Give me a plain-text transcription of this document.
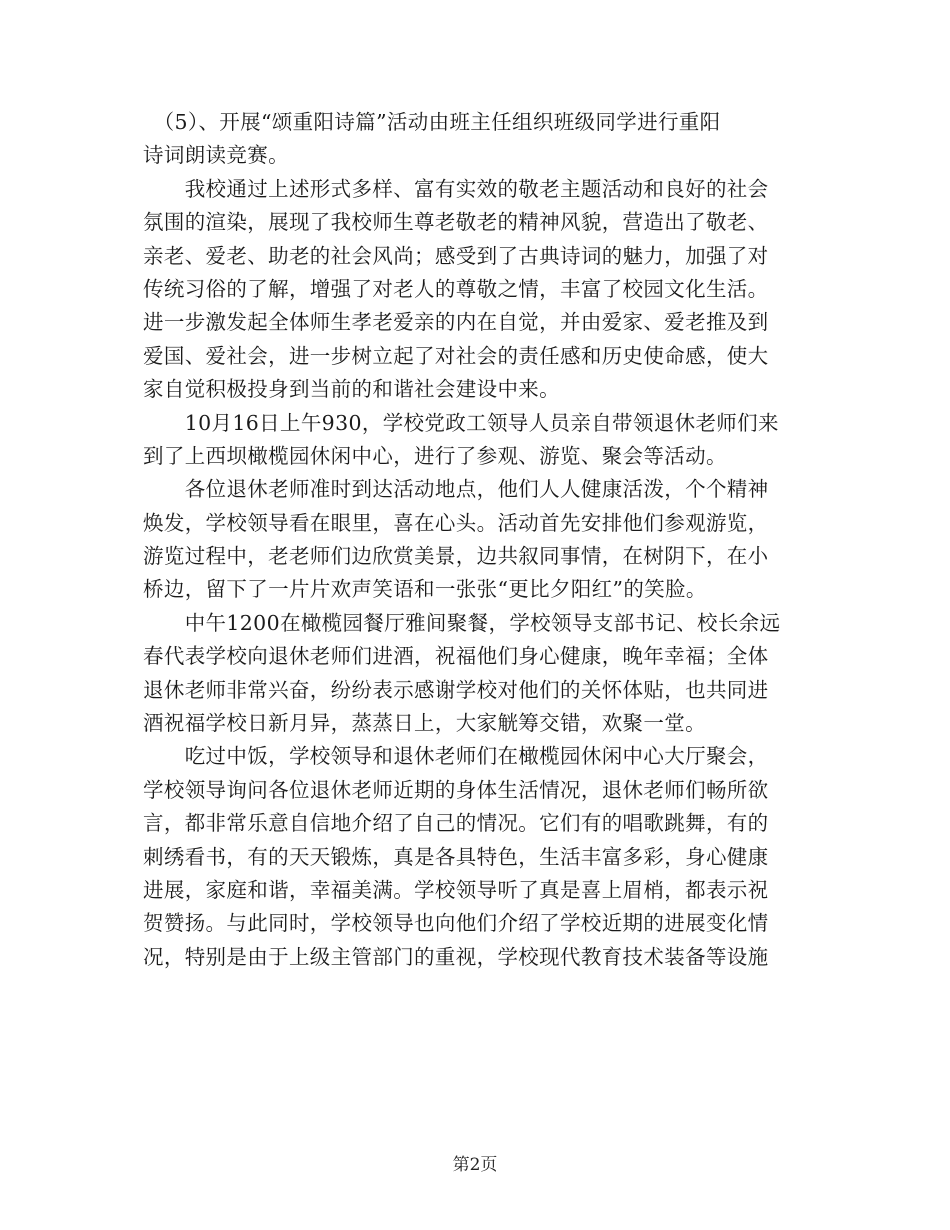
　（5）、开展“颂重阳诗篇”活动由班主任组织班级同学进行重阳
诗词朗读竞赛。
　　我校通过上述形式多样、富有实效的敬老主题活动和良好的社会
氛围的渲染，展现了我校师生尊老敬老的精神风貌，营造出了敬老、
亲老、爱老、助老的社会风尚；感受到了古典诗词的魅力，加强了对
传统习俗的了解，增强了对老人的尊敬之情，丰富了校园文化生活。
进一步激发起全体师生孝老爱亲的内在自觉，并由爱家、爱老推及到
爱国、爱社会，进一步树立起了对社会的责任感和历史使命感，使大
家自觉积极投身到当前的和谐社会建设中来。
　　10月16日上午930，学校党政工领导人员亲自带领退休老师们来
到了上西坝橄榄园休闲中心，进行了参观、游览、聚会等活动。
　　各位退休老师准时到达活动地点，他们人人健康活泼，个个精神
焕发，学校领导看在眼里，喜在心头。活动首先安排他们参观游览，
游览过程中，老老师们边欣赏美景，边共叙同事情，在树阴下，在小
桥边，留下了一片片欢声笑语和一张张“更比夕阳红”的笑脸。
　　中午1200在橄榄园餐厅雅间聚餐，学校领导支部书记、校长余远
春代表学校向退休老师们进酒，祝福他们身心健康，晚年幸福；全体
退休老师非常兴奋，纷纷表示感谢学校对他们的关怀体贴，也共同进
酒祝福学校日新月异，蒸蒸日上，大家觥筹交错，欢聚一堂。
　　吃过中饭，学校领导和退休老师们在橄榄园休闲中心大厅聚会，
学校领导询问各位退休老师近期的身体生活情况，退休老师们畅所欲
言，都非常乐意自信地介绍了自己的情况。它们有的唱歌跳舞，有的
刺绣看书，有的天天锻炼，真是各具特色，生活丰富多彩，身心健康
进展，家庭和谐，幸福美满。学校领导听了真是喜上眉梢，都表示祝
贺赞扬。与此同时，学校领导也向他们介绍了学校近期的进展变化情
况，特别是由于上级主管部门的重视，学校现代教育技术装备等设施
第2页
